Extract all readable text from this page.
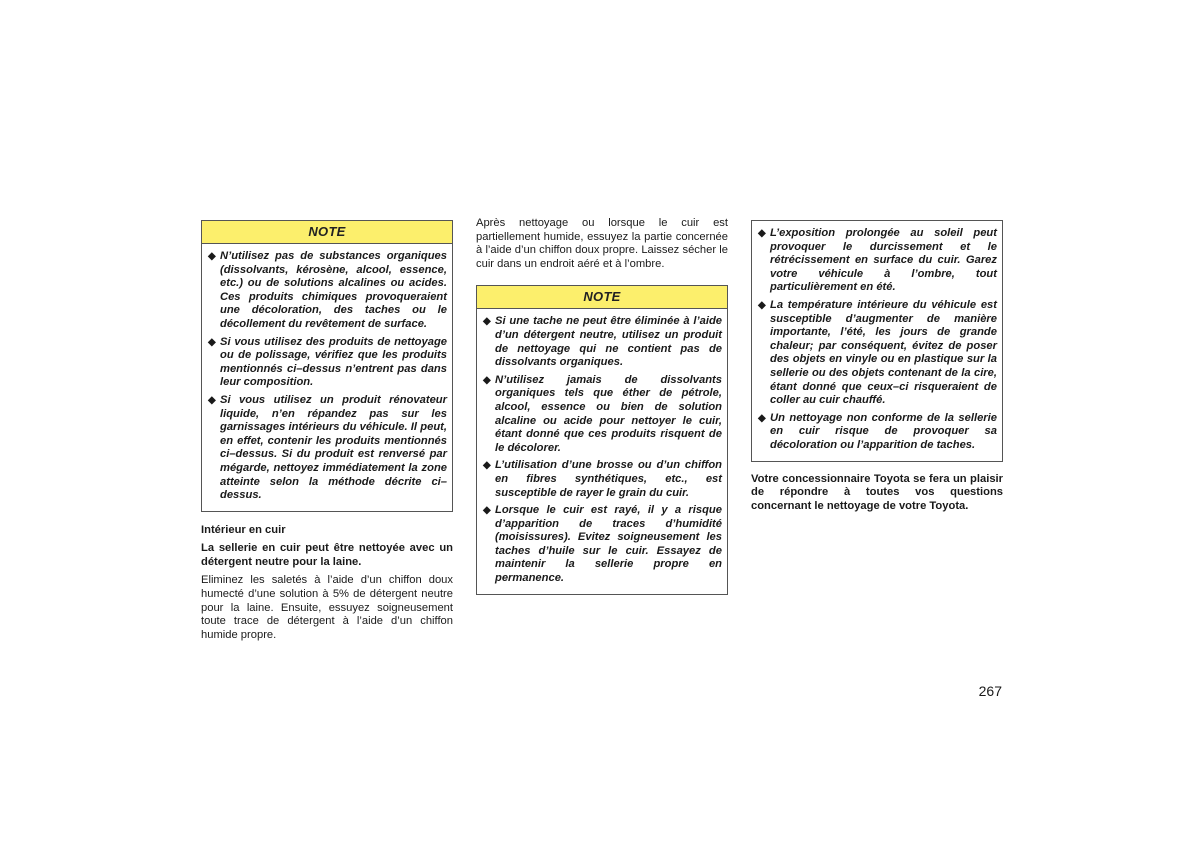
NOTE
◆ N’utilisez pas de substances organiques (dissolvants, kérosène, alcool, essence, etc.) ou de solutions alcalines ou acides. Ces produits chimiques provoqueraient une décoloration, des taches ou le décollement du revêtement de surface.
◆ Si vous utilisez des produits de nettoyage ou de polissage, vérifiez que les produits mentionnés ci–dessus n’entrent pas dans leur composition.
◆ Si vous utilisez un produit rénovateur liquide, n’en répandez pas sur les garnissages intérieurs du véhicule. Il peut, en effet, contenir les produits mentionnés ci–dessus. Si du produit est renversé par mégarde, nettoyez immédiatement la zone atteinte selon la méthode décrite ci–dessus.

Intérieur en cuir

La sellerie en cuir peut être nettoyée avec un détergent neutre pour la laine.

Eliminez les saletés à l’aide d’un chiffon doux humecté d’une solution à 5% de détergent neutre pour la laine. Ensuite, essuyez soigneusement toute trace de détergent à l’aide d’un chiffon humide propre.

Après nettoyage ou lorsque le cuir est partiellement humide, essuyez la partie concernée à l’aide d’un chiffon doux propre. Laissez sécher le cuir dans un endroit aéré et à l’ombre.

NOTE
◆ Si une tache ne peut être éliminée à l’aide d’un détergent neutre, utilisez un produit de nettoyage qui ne contient pas de dissolvants organiques.
◆ N’utilisez jamais de dissolvants organiques tels que éther de pétrole, alcool, essence ou bien de solution alcaline ou acide pour nettoyer le cuir, étant donné que ces produits risquent de le décolorer.
◆ L’utilisation d’une brosse ou d’un chiffon en fibres synthétiques, etc., est susceptible de rayer le grain du cuir.
◆ Lorsque le cuir est rayé, il y a risque d’apparition de traces d’humidité (moisissures). Evitez soigneusement les taches d’huile sur le cuir. Essayez de maintenir la sellerie propre en permanence.
◆ L’exposition prolongée au soleil peut provoquer le durcissement et le rétrécissement en surface du cuir. Garez votre véhicule à l’ombre, tout particulièrement en été.
◆ La température intérieure du véhicule est susceptible d’augmenter de manière importante, l’été, les jours de grande chaleur; par conséquent, évitez de poser des objets en vinyle ou en plastique sur la sellerie ou des objets contenant de la cire, étant donné que ceux–ci risqueraient de coller au cuir chauffé.
◆ Un nettoyage non conforme de la sellerie en cuir risque de provoquer sa décoloration ou l’apparition de taches.

Votre concessionnaire Toyota se fera un plaisir de répondre à toutes vos questions concernant le nettoyage de votre Toyota.

267
